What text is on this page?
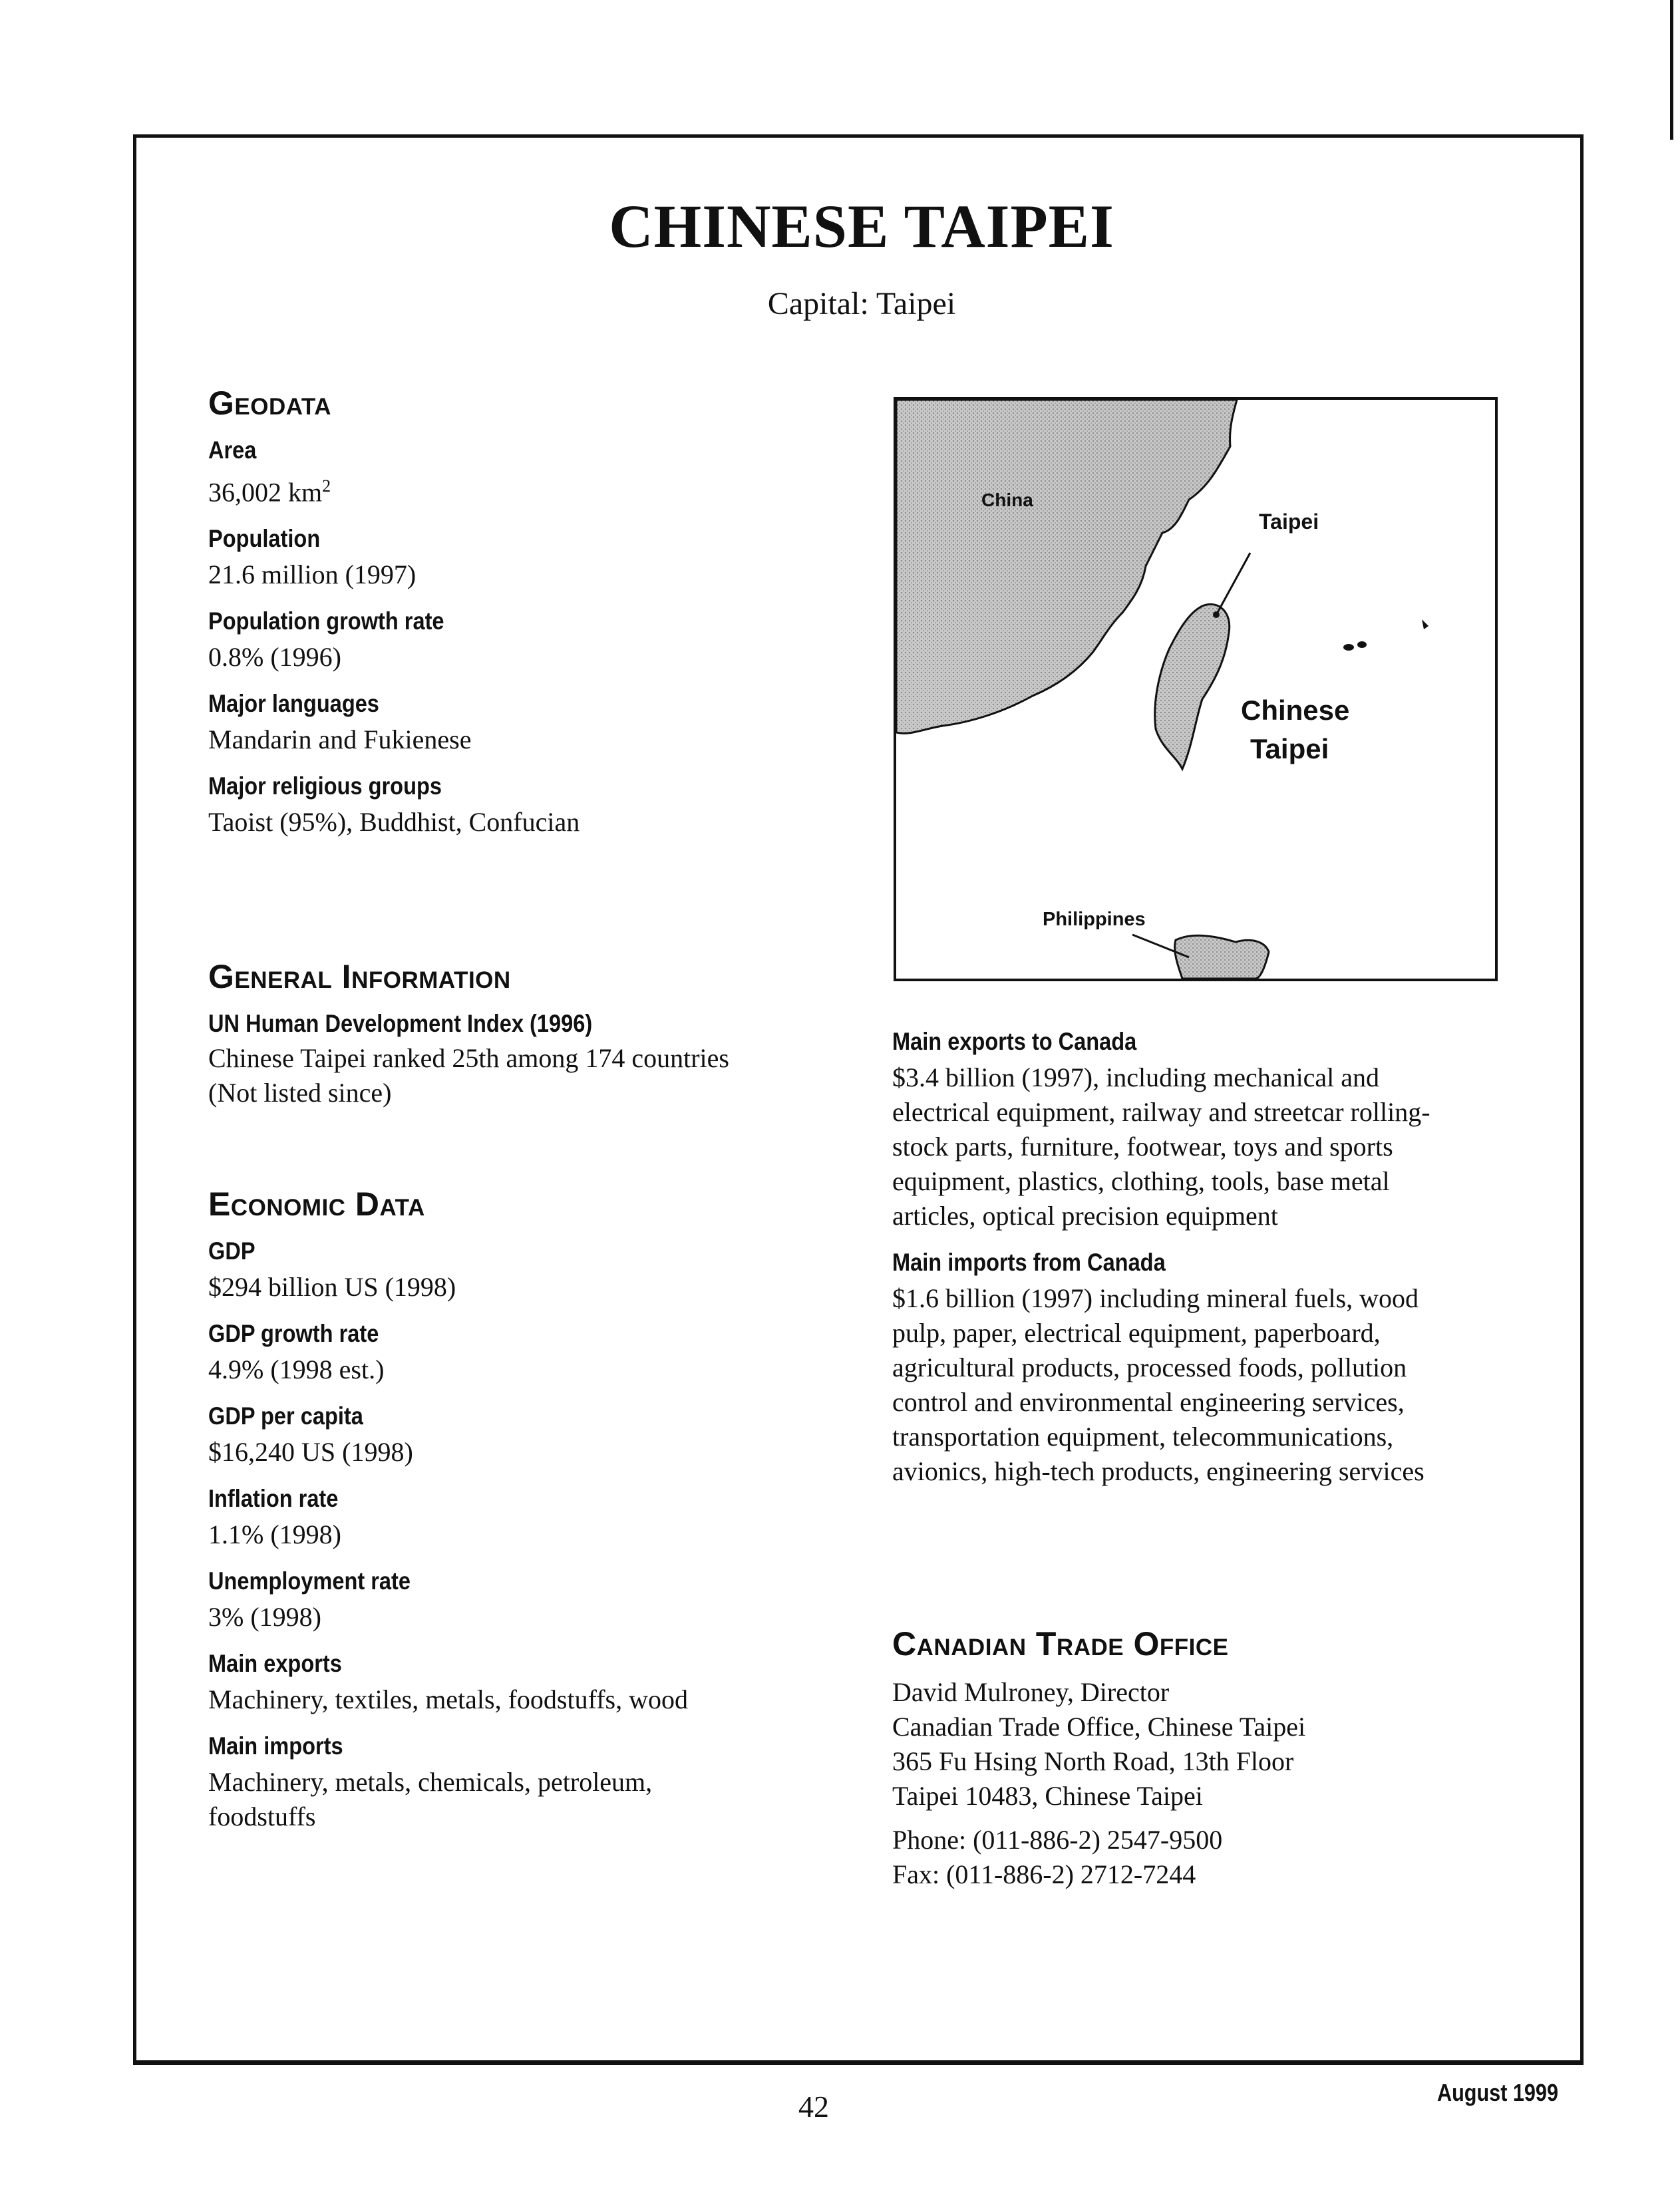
CHINESE TAIPEI
Capital: Taipei
Geodata
Area
36,002 $km^2$
Population
21.6 million (1997)
Population growth rate
0.8% (1996)
Major languages
Mandarin and Fukienese
Major religious groups
Taoist (95%), Buddhist, Confucian
General Information
UN Human Development Index (1996)
Chinese Taipei ranked 25th among 174 countries
(Not listed since)
Economic Data
GDP
$294 billion US (1998)
GDP growth rate
4.9% (1998 est.)
GDP per capita
$16,240 US (1998)
Inflation rate
1.1% (1998)
Unemployment rate
3% (1998)
Main exports
Machinery, textiles, metals, foodstuffs, wood
Main imports
Machinery, metals, chemicals, petroleum,
foodstuffs
China
Taipei
Chinese
Taipei
Philippines
Main exports to Canada
$3.4 billion (1997), including mechanical and
electrical equipment, railway and streetcar rolling-
stock parts, furniture, footwear, toys and sports
equipment, plastics, clothing, tools, base metal
articles, optical precision equipment
Main imports from Canada
$1.6 billion (1997) including mineral fuels, wood
pulp, paper, electrical equipment, paperboard,
agricultural products, processed foods, pollution
control and environmental engineering services,
transportation equipment, telecommunications,
avionics, high-tech products, engineering services
Canadian Trade Office
David Mulroney, Director
Canadian Trade Office, Chinese Taipei
365 Fu Hsing North Road, 13th Floor
Taipei 10483, Chinese Taipei
Phone: (011-886-2) 2547-9500
Fax: (011-886-2) 2712-7244
42	August 1999
